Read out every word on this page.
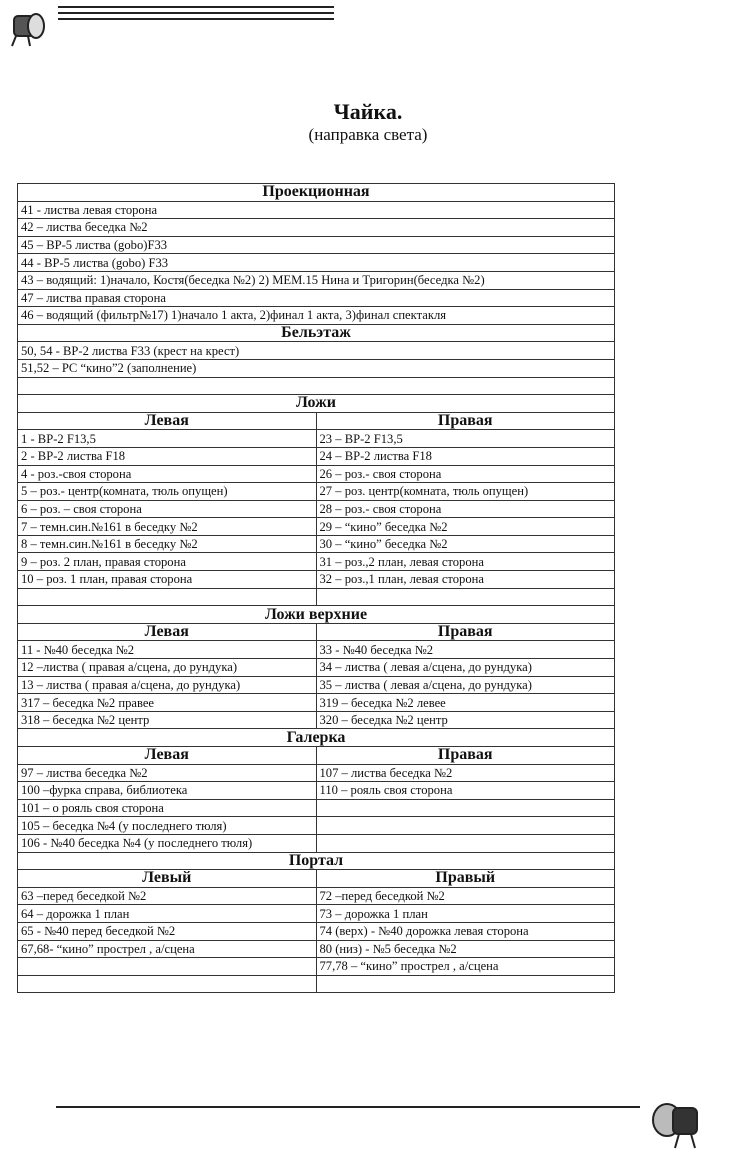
Чайка.
(направка света)
Проекционная	
41 - листва левая сторона	
42 – листва беседка №2	
45 – ВР-5 листва (gobo)F33	
44 - ВР-5 листва (gobo) F33	
43 – водящий: 1)начало, Костя(беседка №2) 2) МЕМ.15 Нина и Тригорин(беседка №2)	
47 – листва правая сторона	
46 – водящий (фильтр№17) 1)начало 1 акта, 2)финал 1 акта, 3)финал спектакля	
Бельэтаж	
50, 54 - ВР-2 листва F33 (крест на крест)	
51,52 – PC “кино”2 (заполнение)	

Ложи	
Левая	Правая
1 - ВР-2 F13,5	23 – ВР-2 F13,5
2 - ВР-2 листва F18	24 – ВР-2 листва F18
4 - роз.-своя сторона	26 – роз.- своя сторона
5 – роз.- центр(комната, тюль опущен)	27 – роз. центр(комната, тюль опущен)
6 – роз. – своя сторона	28 – роз.- своя сторона
7 – темн.син.№161 в беседку №2	29 – “кино” беседка №2
8 – темн.син.№161 в беседку №2	30 – “кино” беседка №2
9 – роз. 2 план, правая сторона	31 – роз.,2 план, левая сторона
10 – роз. 1 план, правая сторона	32 – роз.,1 план, левая сторона

Ложи верхние	
Левая	Правая
11 - №40 беседка №2	33 - №40 беседка №2
12 –листва ( правая а/сцена, до рундука)	34 – листва ( левая а/сцена, до рундука)
13 – листва ( правая а/сцена, до рундука)	35 – листва ( левая а/сцена, до рундука)
317 – беседка №2 правее	319 – беседка №2 левее
318 – беседка №2 центр	320 – беседка №2 центр
Галерка	
Левая	Правая
97 – листва беседка №2	107 – листва беседка №2
100 –фурка справа, библиотека	110 – рояль своя сторона
101 – о рояль своя сторона	
105 – беседка №4 (у последнего тюля)	
106 - №40 беседка №4 (у последнего тюля)	
Портал	
Левый	Правый
63 –перед беседкой №2	72 –перед беседкой №2
64 – дорожка 1 план	73 – дорожка 1 план
65 - №40 перед беседкой №2	74 (верх) - №40 дорожка левая сторона
67,68- “кино” прострел , а/сцена	80 (низ) - №5 беседка №2
	77,78 – “кино” прострел , а/сцена
